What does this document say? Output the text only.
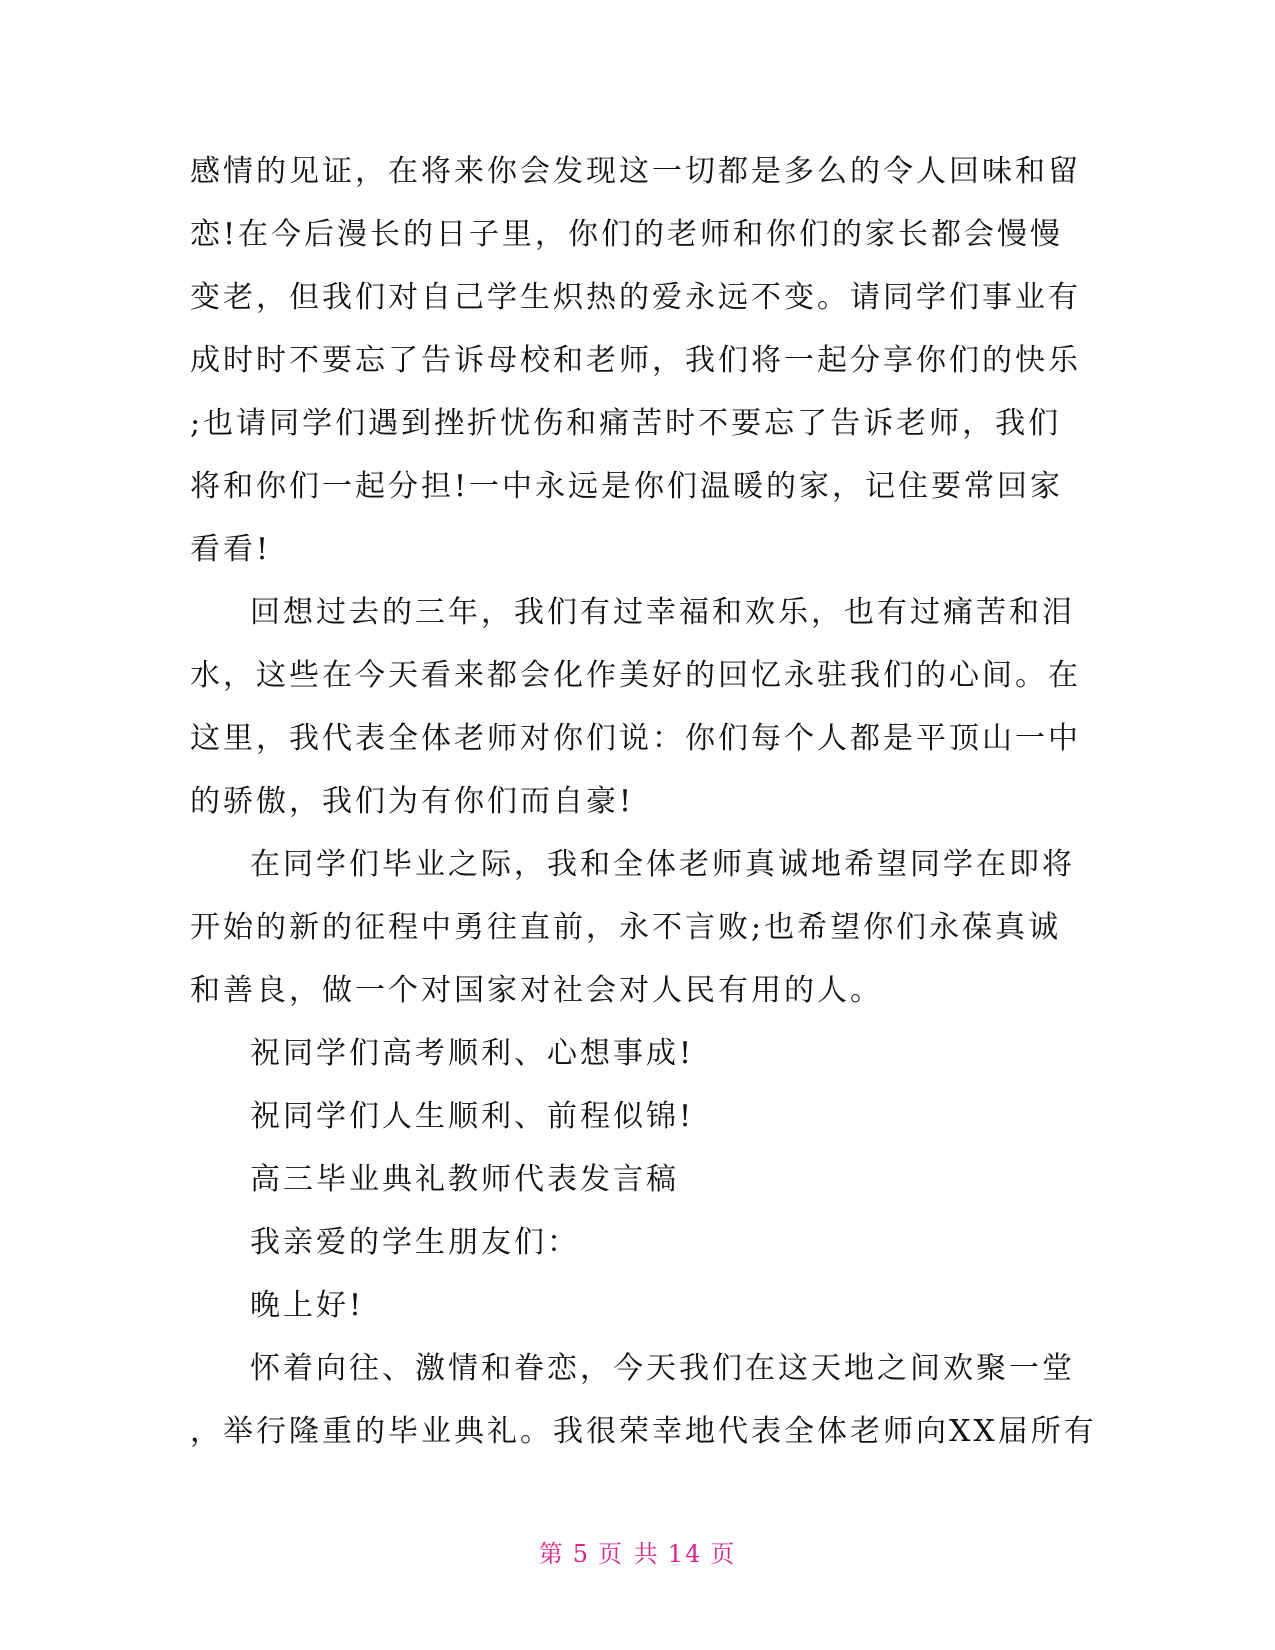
感情的见证，在将来你会发现这一切都是多么的令人回味和留
恋!在今后漫长的日子里，你们的老师和你们的家长都会慢慢
变老，但我们对自己学生炽热的爱永远不变。请同学们事业有
成时时不要忘了告诉母校和老师，我们将一起分享你们的快乐
;也请同学们遇到挫折忧伤和痛苦时不要忘了告诉老师，我们
将和你们一起分担!一中永远是你们温暖的家，记住要常回家
看看!
回想过去的三年，我们有过幸福和欢乐，也有过痛苦和泪
水，这些在今天看来都会化作美好的回忆永驻我们的心间。在
这里，我代表全体老师对你们说：你们每个人都是平顶山一中
的骄傲，我们为有你们而自豪!
在同学们毕业之际，我和全体老师真诚地希望同学在即将
开始的新的征程中勇往直前，永不言败;也希望你们永葆真诚
和善良，做一个对国家对社会对人民有用的人。
祝同学们高考顺利、心想事成!
祝同学们人生顺利、前程似锦!
高三毕业典礼教师代表发言稿
我亲爱的学生朋友们：
晚上好!
怀着向往、激情和眷恋，今天我们在这天地之间欢聚一堂
，举行隆重的毕业典礼。我很荣幸地代表全体老师向XX届所有
第 5 页 共 14 页
